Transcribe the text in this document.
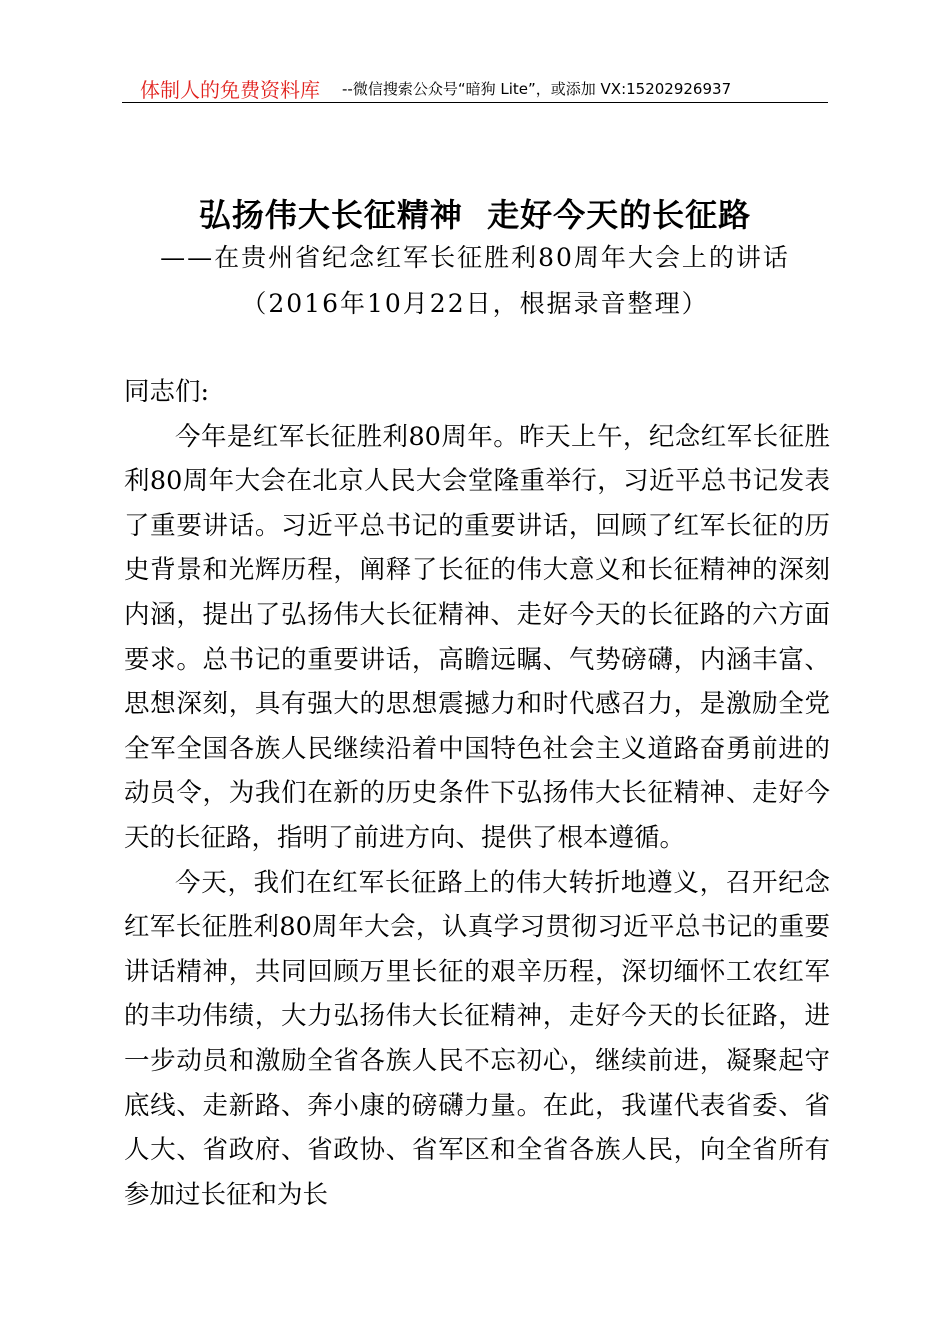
体制人的免费资料库 --微信搜索公众号“暗狗 Lite”，或添加 VX:15202926937
弘扬伟大长征精神  走好今天的长征路
——在贵州省纪念红军长征胜利80周年大会上的讲话
（2016年10月22日，根据录音整理）

同志们:

今年是红军长征胜利80周年。昨天上午，纪念红军长征胜利80周年大会在北京人民大会堂隆重举行，习近平总书记发表了重要讲话。习近平总书记的重要讲话，回顾了红军长征的历史背景和光辉历程，阐释了长征的伟大意义和长征精神的深刻内涵，提出了弘扬伟大长征精神、走好今天的长征路的六方面要求。总书记的重要讲话，高瞻远瞩、气势磅礴，内涵丰富、思想深刻，具有强大的思想震撼力和时代感召力，是激励全党全军全国各族人民继续沿着中国特色社会主义道路奋勇前进的动员令，为我们在新的历史条件下弘扬伟大长征精神、走好今天的长征路，指明了前进方向、提供了根本遵循。

今天，我们在红军长征路上的伟大转折地遵义，召开纪念红军长征胜利80周年大会，认真学习贯彻习近平总书记的重要讲话精神，共同回顾万里长征的艰辛历程，深切缅怀工农红军的丰功伟绩，大力弘扬伟大长征精神，走好今天的长征路，进一步动员和激励全省各族人民不忘初心，继续前进，凝聚起守底线、走新路、奔小康的磅礴力量。在此，我谨代表省委、省人大、省政府、省政协、省军区和全省各族人民，向全省所有参加过长征和为长
